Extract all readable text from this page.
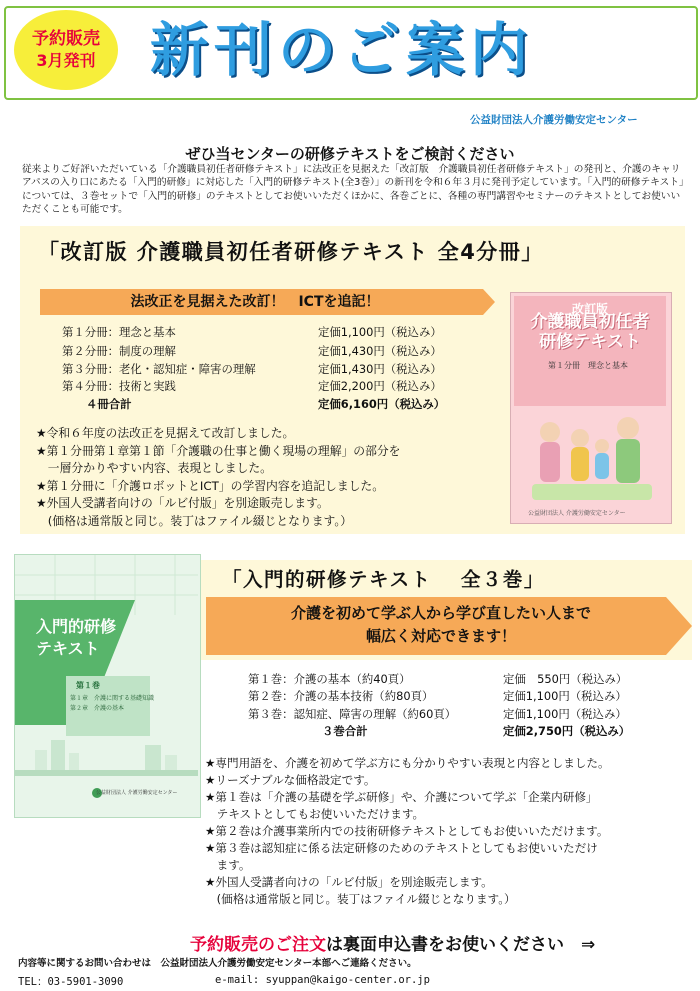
予約販売
3月発刊 新刊のご案内
公益財団法人介護労働安定センター
ぜひ当センターの研修テキストをご検討ください
従来よりご好評いただいている「介護職員初任者研修テキスト」に法改正を見据えた「改訂版　介護職員初任者研修テキスト」の発刊と、介護のキャリアパスの入り口にあたる「入門的研修」に対応した「入門的研修テキスト(全3巻）」の新刊を令和６年３月に発刊予定しています。「入門的研修テキスト」については、３巻セットで「入門的研修」のテキストとしてお使いいただくほかに、各巻ごとに、各種の専門講習やセミナーのテキストとしてお使いいただくことも可能です。
「改訂版 介護職員初任者研修テキスト 全4分冊」
法改正を見据えた改訂！　ICTを追記！
第１分冊：理念と基本	定価1,100円（税込み）
第２分冊：制度の理解	定価1,430円（税込み）
第３分冊：老化・認知症・障害の理解	定価1,430円（税込み）
第４分冊：技術と実践	定価2,200円（税込み）
４冊合計	定価6,160円（税込み）
★令和６年度の法改正を見据えて改訂しました。
★第１分冊第１章第１節「介護職の仕事と働く現場の理解」の部分を
　一層分かりやすい内容、表現としました。
★第１分冊に「介護ロボットとICT」の学習内容を追記しました。
★外国人受講者向けの「ルビ付版」を別途販売します。
　(価格は通常版と同じ。装丁はファイル綴じとなります。）
改訂版
介護職員初任者
研修テキスト
第１分冊　理念と基本
公益財団法人 介護労働安定センター
入門的研修
テキスト
第１巻
第１章　介護に関する基礎知識
第２章　介護の基本
公益財団法人 介護労働安定センター
「入門的研修テキスト　 全３巻」
介護を初めて学ぶ人から学び直したい人まで
幅広く対応できます！
第１巻：介護の基本（約40頁）	定価　550円（税込み）
第２巻：介護の基本技術（約80頁）	定価1,100円（税込み）
第３巻：認知症、障害の理解（約60頁）	定価1,100円（税込み）
３巻合計	定価2,750円（税込み）
★専門用語を、介護を初めて学ぶ方にも分かりやすい表現と内容としました。
★リーズナブルな価格設定です。
★第１巻は「介護の基礎を学ぶ研修」や、介護について学ぶ「企業内研修」
　テキストとしてもお使いいただけます。
★第２巻は介護事業所内での技術研修テキストとしてもお使いいただけます。
★第３巻は認知症に係る法定研修のためのテキストとしてもお使いいただけ
　ます。
★外国人受講者向けの「ルビ付版」を別途販売します。
　(価格は通常版と同じ。装丁はファイル綴じとなります。）
予約販売のご注文は裏面申込書をお使いください　⇒
内容等に関するお問い合わせは　公益財団法人介護労働安定センター本部へご連絡ください。
TEL：03-5901-3090	e-mail: syuppan@kaigo-center.or.jp
